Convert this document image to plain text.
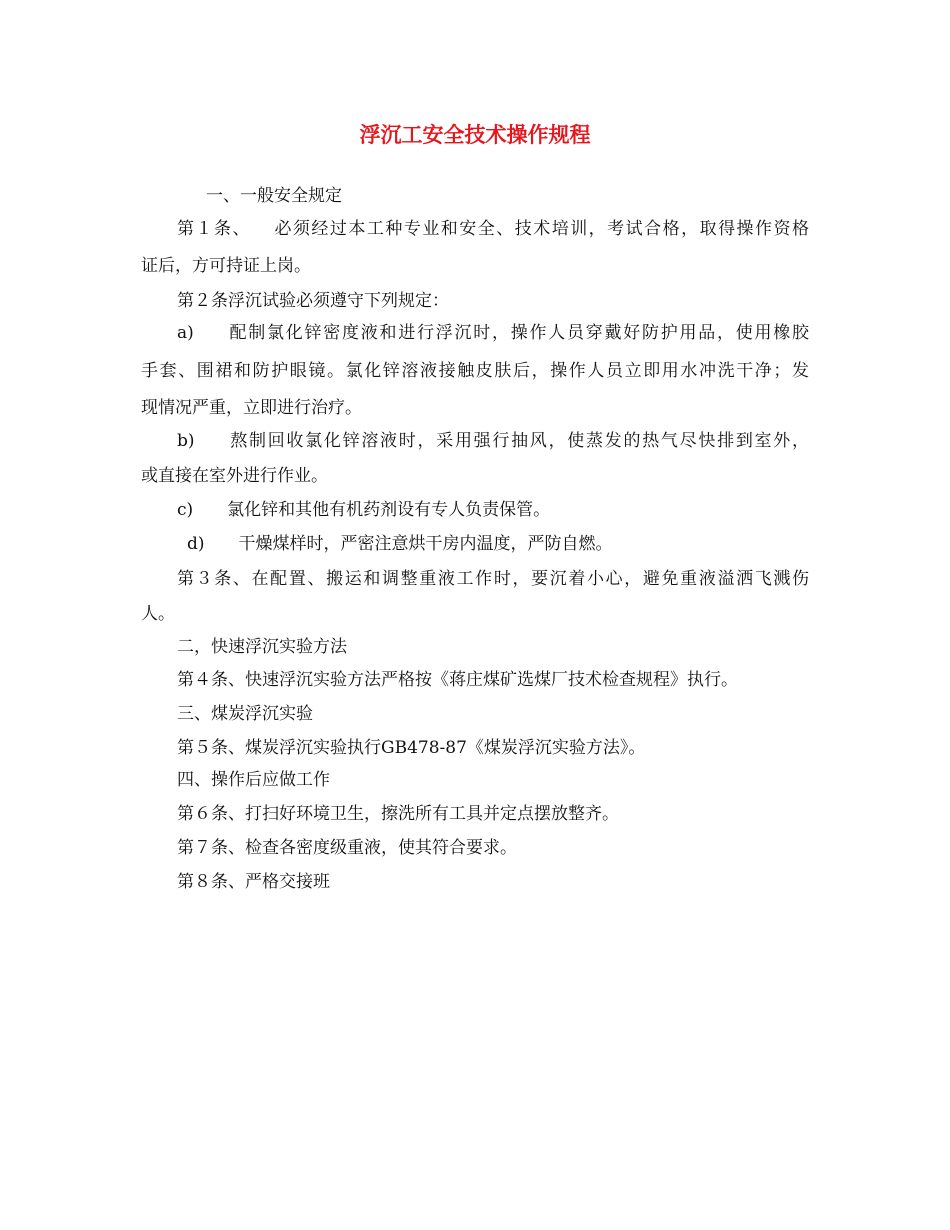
浮沉工安全技术操作规程
一、一般安全规定
第１条、 必须经过本工种专业和安全、技术培训，考试合格，取得操作资格
证后，方可持证上岗。
第２条浮沉试验必须遵守下列规定：
a) 配制氯化锌密度液和进行浮沉时，操作人员穿戴好防护用品，使用橡胶
手套、围裙和防护眼镜。氯化锌溶液接触皮肤后，操作人员立即用水冲洗干净；发
现情况严重，立即进行治疗。
b) 熬制回收氯化锌溶液时，采用强行抽风，使蒸发的热气尽快排到室外，
或直接在室外进行作业。
c) 氯化锌和其他有机药剂设有专人负责保管。
d) 干燥煤样时，严密注意烘干房内温度，严防自燃。
第３条、在配置、搬运和调整重液工作时，要沉着小心，避免重液溢洒飞溅伤
人。
二，快速浮沉实验方法
第４条、快速浮沉实验方法严格按《蒋庄煤矿选煤厂技术检查规程》执行。
三、煤炭浮沉实验
第５条、煤炭浮沉实验执行GB478-87《煤炭浮沉实验方法》。
四、操作后应做工作
第６条、打扫好环境卫生，擦洗所有工具并定点摆放整齐。
第７条、检查各密度级重液，使其符合要求。
第８条、严格交接班
